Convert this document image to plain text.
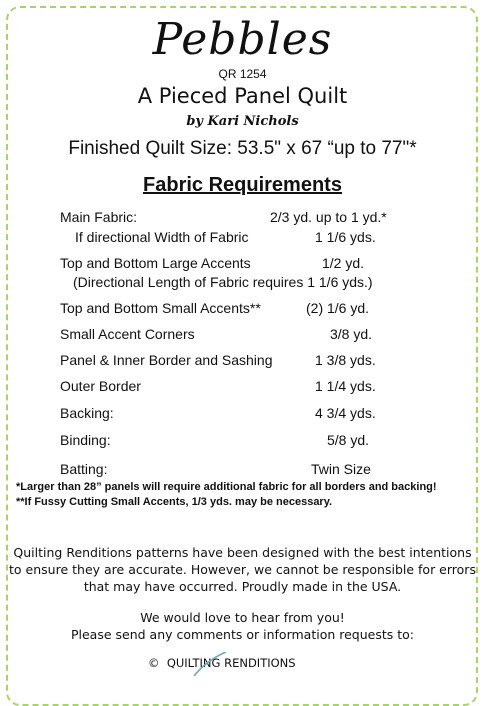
Pebbles
QR 1254
A Pieced Panel Quilt
by Kari Nichols
Finished Quilt Size: 53.5" x 67 “up to 77"*
Fabric Requirements
Main Fabric:	2/3 yd. up to 1 yd.*
If directional Width of Fabric	1 1/6 yds.
Top and Bottom Large Accents	1/2 yd.
(Directional Length of Fabric requires 1 1/6 yds.)
Top and Bottom Small Accents**	(2) 1/6 yd.
Small Accent Corners	3/8 yd.
Panel & Inner Border and Sashing	1 3/8 yds.
Outer Border	1 1/4 yds.
Backing:	4 3/4 yds.
Binding:	5/8 yd.
Batting:	Twin Size
*Larger than 28” panels will require additional fabric for all borders and backing!
**If Fussy Cutting Small Accents, 1/3 yds. may be necessary.
Quilting Renditions patterns have been designed with the best intentions
to ensure they are accurate. However, we cannot be responsible for errors
that may have occurred. Proudly made in the USA.
We would love to hear from you!
Please send any comments or information requests to:
© QUILTING RENDITIONS
